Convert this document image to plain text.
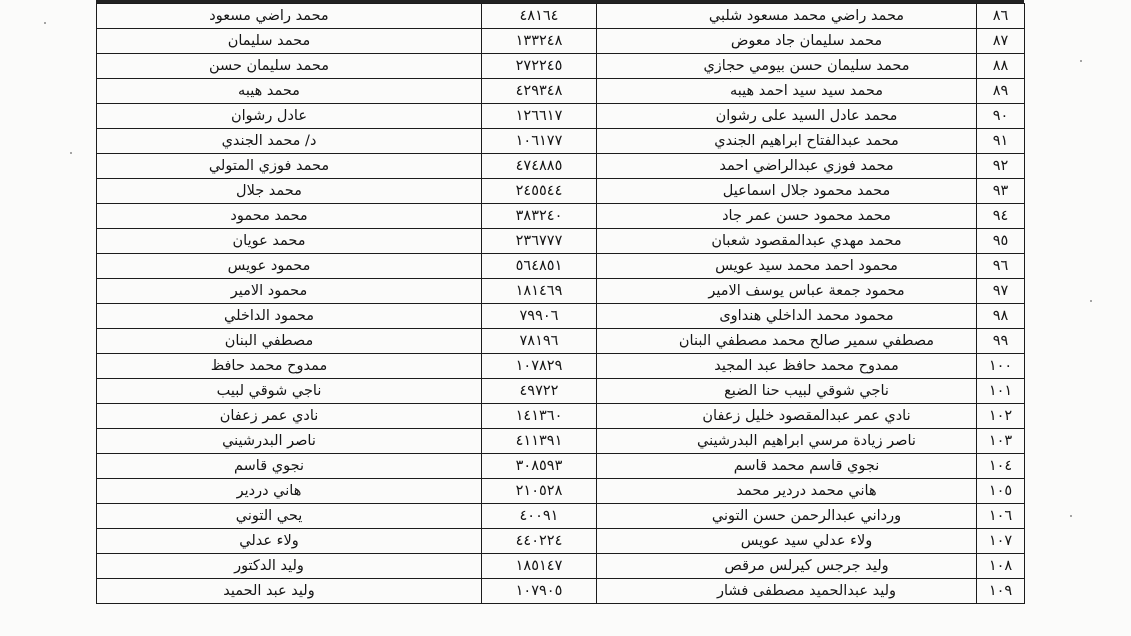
٨٦	محمد راضي محمد مسعود شلبي	٤٨١٦٤	محمد راضي مسعود
٨٧	محمد سليمان جاد معوض	١٣٣٢٤٨	محمد سليمان
٨٨	محمد سليمان حسن بيومي حجازي	٢٧٢٢٤٥	محمد سليمان حسن
٨٩	محمد سيد سيد احمد هيبه	٤٢٩٣٤٨	محمد هيبه
٩٠	محمد عادل السيد على رشوان	١٢٦٦١٧	عادل رشوان
٩١	محمد عبدالفتاح ابراهيم الجندي	١٠٦١٧٧	د/ محمد الجندي
٩٢	محمد فوزي عبدالراضي احمد	٤٧٤٨٨٥	محمد فوزي المتولي
٩٣	محمد محمود جلال اسماعيل	٢٤٥٥٤٤	محمد جلال
٩٤	محمد محمود حسن عمر جاد	٣٨٣٢٤٠	محمد محمود
٩٥	محمد مهدي عبدالمقصود شعبان	٢٣٦٧٧٧	محمد عويان
٩٦	محمود احمد محمد سيد عويس	٥٦٤٨٥١	محمود عويس
٩٧	محمود جمعة عباس يوسف الامير	١٨١٤٦٩	محمود الامير
٩٨	محمود محمد الداخلي هنداوى	٧٩٩٠٦	محمود الداخلي
٩٩	مصطفي سمير صالح محمد مصطفي البنان	٧٨١٩٦	مصطفي البنان
١٠٠	ممدوح محمد حافظ عبد المجيد	١٠٧٨٢٩	ممدوح محمد حافظ
١٠١	ناجي شوقي لبيب حنا الضبع	٤٩٧٢٢	ناجي شوقي لبيب
١٠٢	نادي عمر عبدالمقصود خليل زعفان	١٤١٣٦٠	نادي عمر زعفان
١٠٣	ناصر زيادة مرسي ابراهيم البدرشيني	٤١١٣٩١	ناصر البدرشيني
١٠٤	نجوي قاسم محمد قاسم	٣٠٨٥٩٣	نجوي قاسم
١٠٥	هاني محمد دردير محمد	٢١٠٥٢٨	هاني دردير
١٠٦	ورداني عبدالرحمن حسن التوني	٤٠٠٩١	يحي التوني
١٠٧	ولاء عدلي سيد عويس	٤٤٠٢٢٤	ولاء عدلي
١٠٨	وليد جرجس كيرلس مرقص	١٨٥١٤٧	وليد الدكتور
١٠٩	وليد عبدالحميد مصطفى فشار	١٠٧٩٠٥	وليد عبد الحميد
